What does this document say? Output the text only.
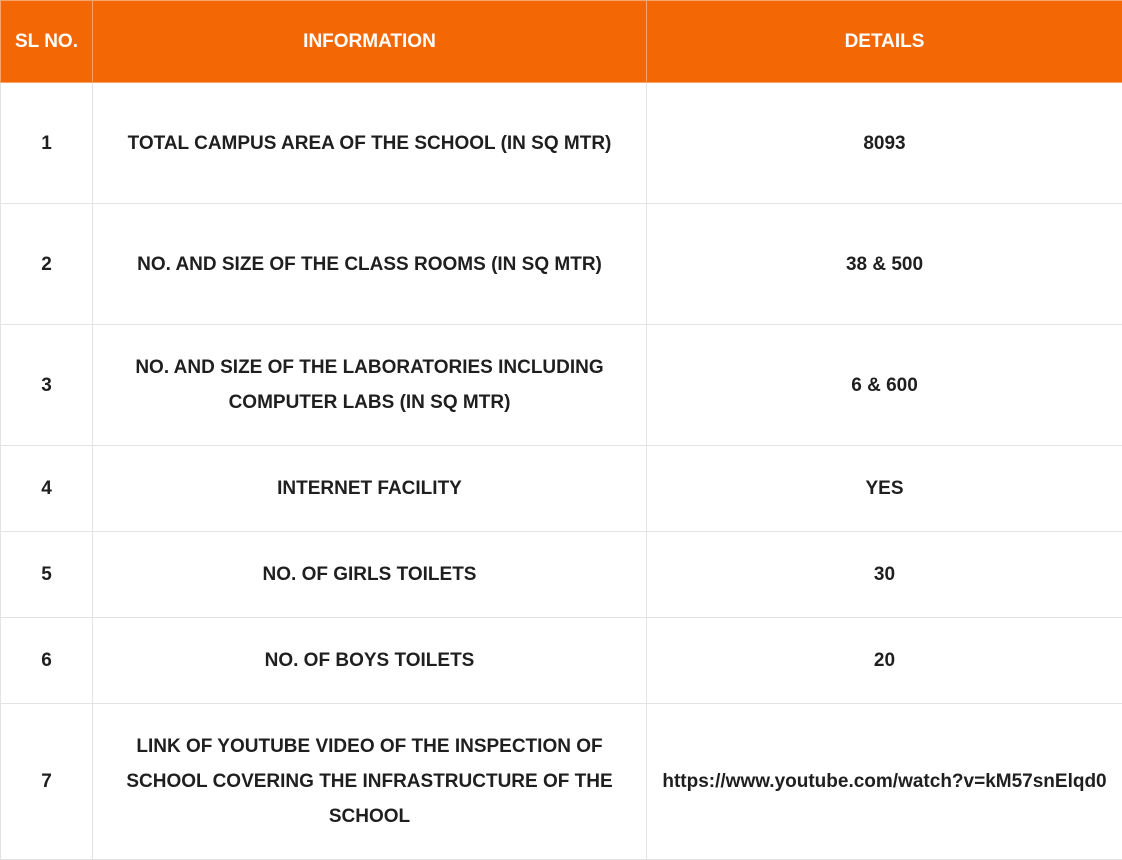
SL NO.	INFORMATION	DETAILS
1	TOTAL CAMPUS AREA OF THE SCHOOL (IN SQ MTR)	8093
2	NO. AND SIZE OF THE CLASS ROOMS (IN SQ MTR)	38 & 500
3	NO. AND SIZE OF THE LABORATORIES INCLUDING COMPUTER LABS (IN SQ MTR)	6 & 600
4	INTERNET FACILITY	YES
5	NO. OF GIRLS TOILETS	30
6	NO. OF BOYS TOILETS	20
7	LINK OF YOUTUBE VIDEO OF THE INSPECTION OF SCHOOL COVERING THE INFRASTRUCTURE OF THE SCHOOL	https://www.youtube.com/watch?v=kM57snElqd0
